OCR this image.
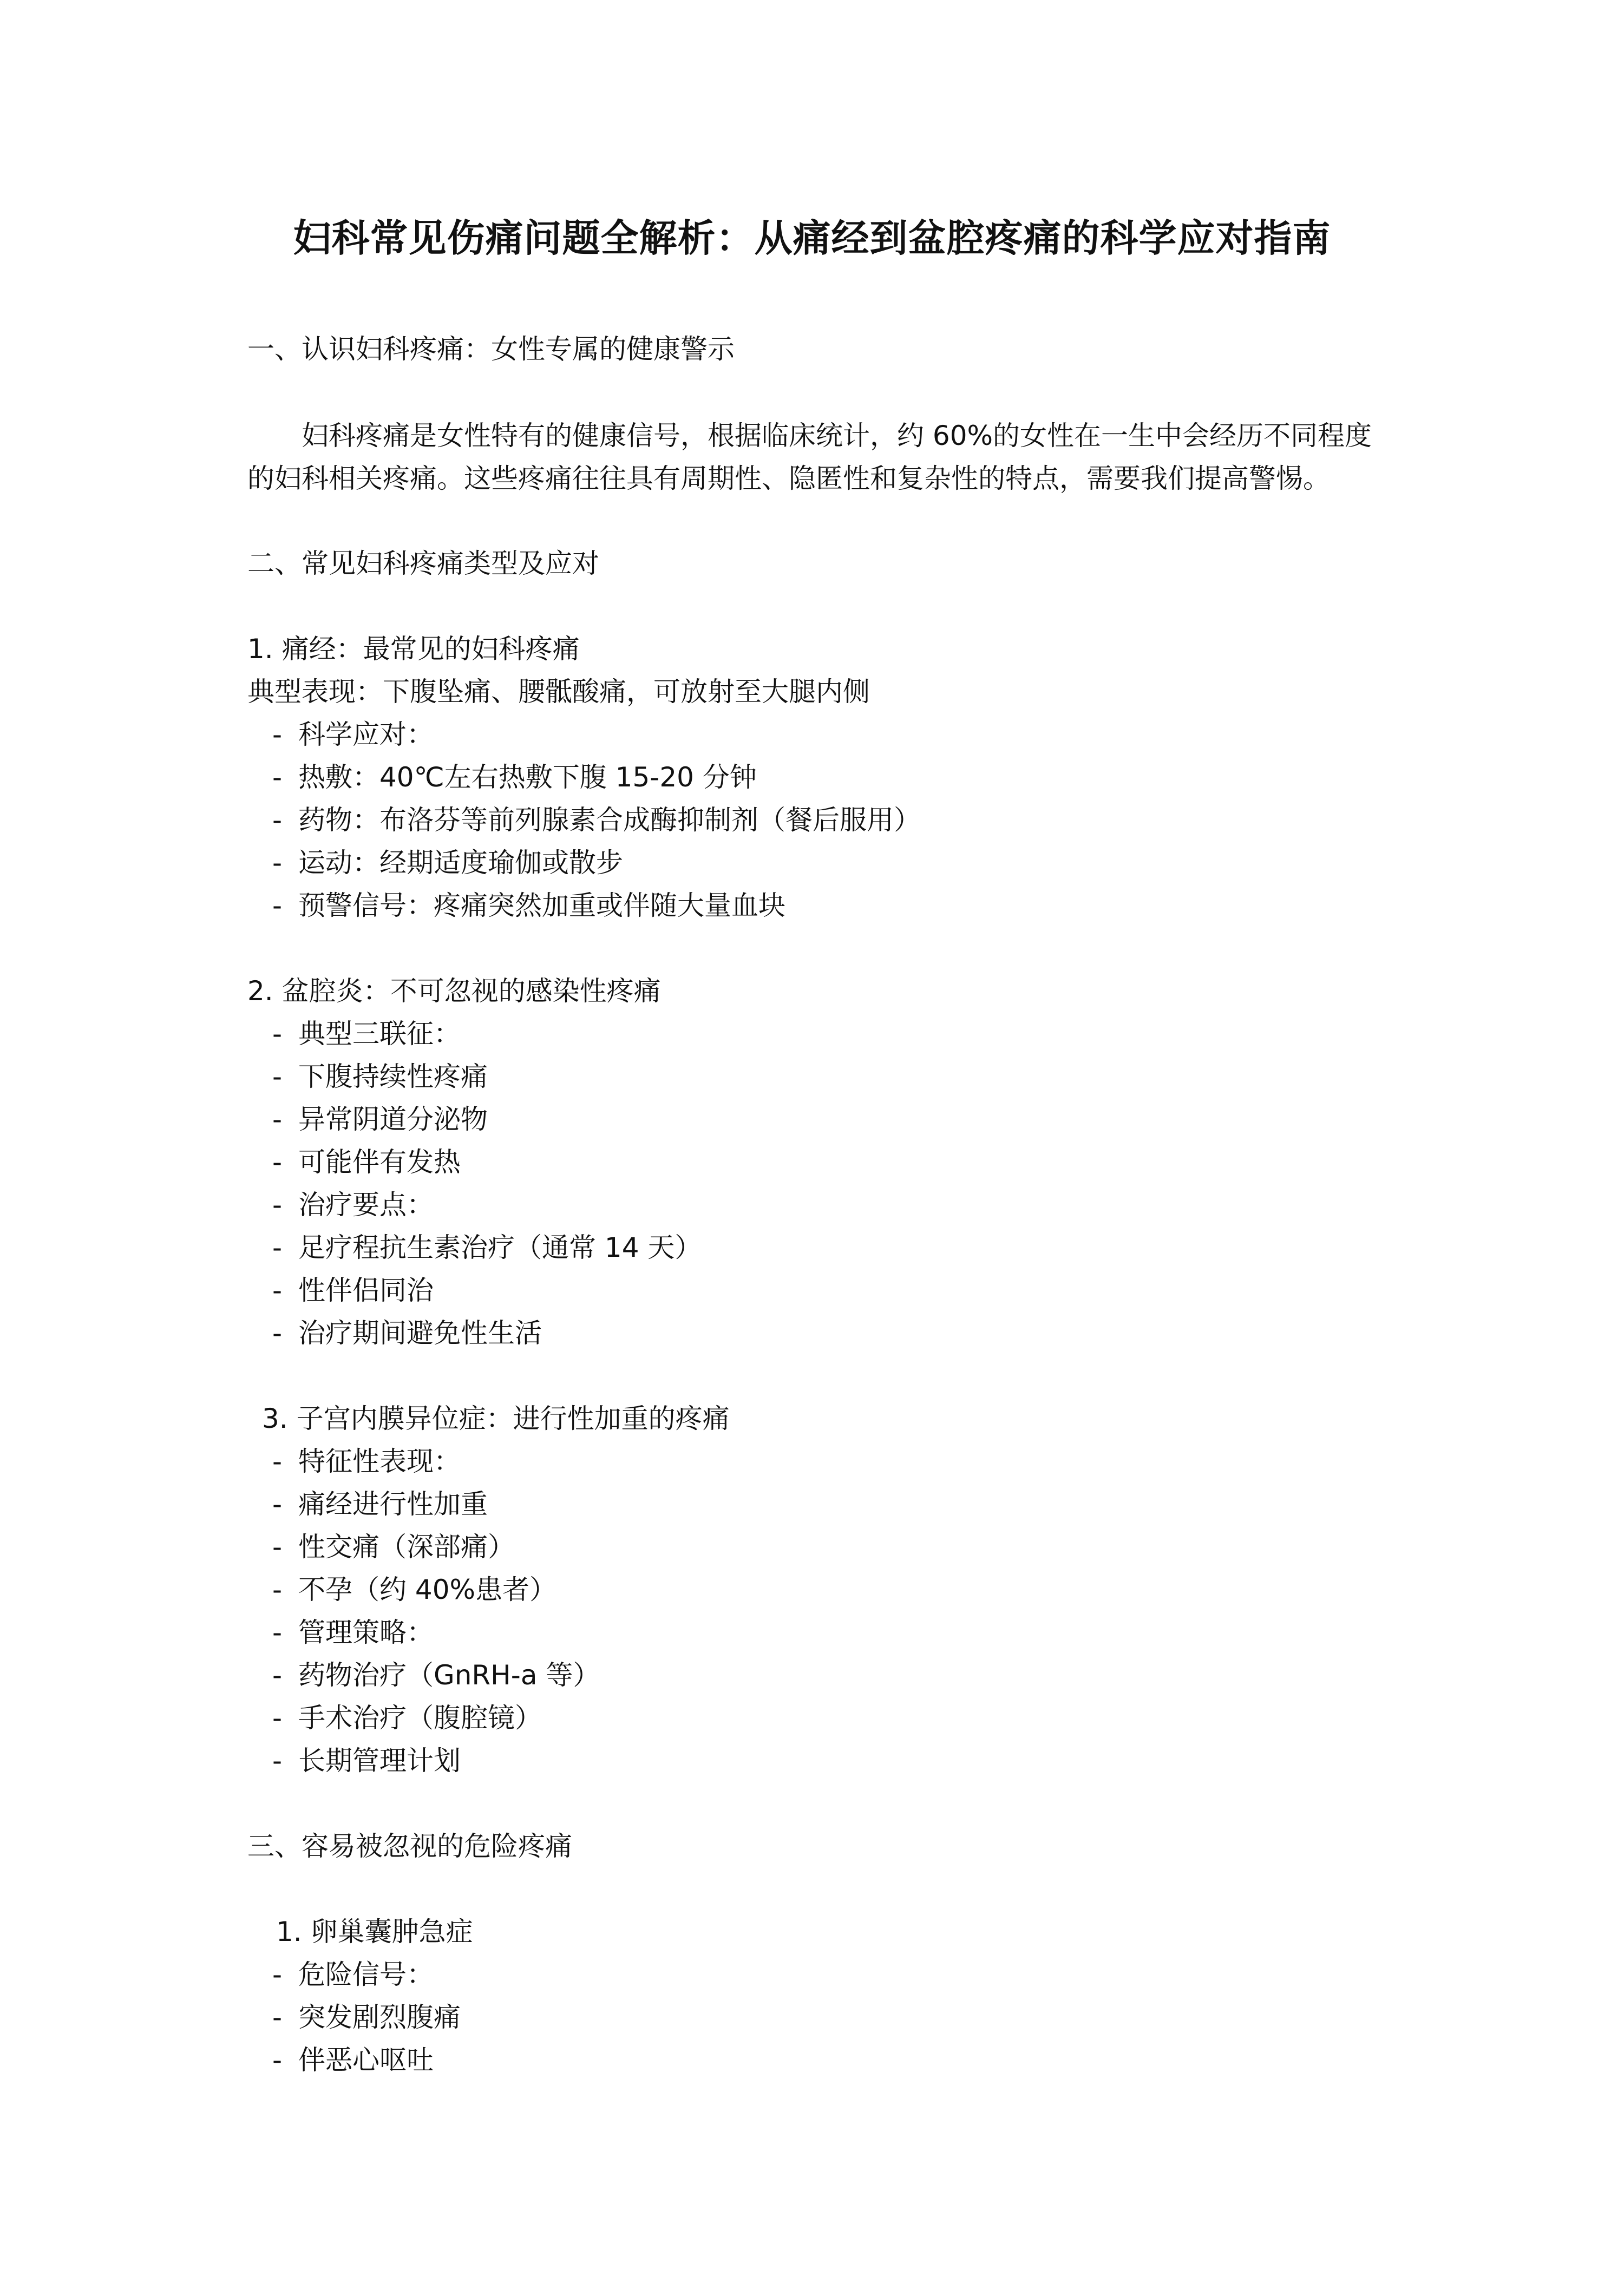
妇科常见伤痛问题全解析：从痛经到盆腔疼痛的科学应对指南
一、认识妇科疼痛：女性专属的健康警示
妇科疼痛是女性特有的健康信号，根据临床统计，约 60%的女性在一生中会经历不同程度的妇科相关疼痛。这些疼痛往往具有周期性、隐匿性和复杂性的特点，需要我们提高警惕。
二、常见妇科疼痛类型及应对
1. 痛经：最常见的妇科疼痛
典型表现：下腹坠痛、腰骶酸痛，可放射至大腿内侧
- 科学应对：
- 热敷：40℃左右热敷下腹 15-20 分钟
- 药物：布洛芬等前列腺素合成酶抑制剂（餐后服用）
- 运动：经期适度瑜伽或散步
- 预警信号：疼痛突然加重或伴随大量血块
2. 盆腔炎：不可忽视的感染性疼痛
- 典型三联征：
- 下腹持续性疼痛
- 异常阴道分泌物
- 可能伴有发热
- 治疗要点：
- 足疗程抗生素治疗（通常 14 天）
- 性伴侣同治
- 治疗期间避免性生活
3. 子宫内膜异位症：进行性加重的疼痛
- 特征性表现：
- 痛经进行性加重
- 性交痛（深部痛）
- 不孕（约 40%患者）
- 管理策略：
- 药物治疗（GnRH-a 等）
- 手术治疗（腹腔镜）
- 长期管理计划
三、容易被忽视的危险疼痛
1. 卵巢囊肿急症
- 危险信号：
- 突发剧烈腹痛
- 伴恶心呕吐
